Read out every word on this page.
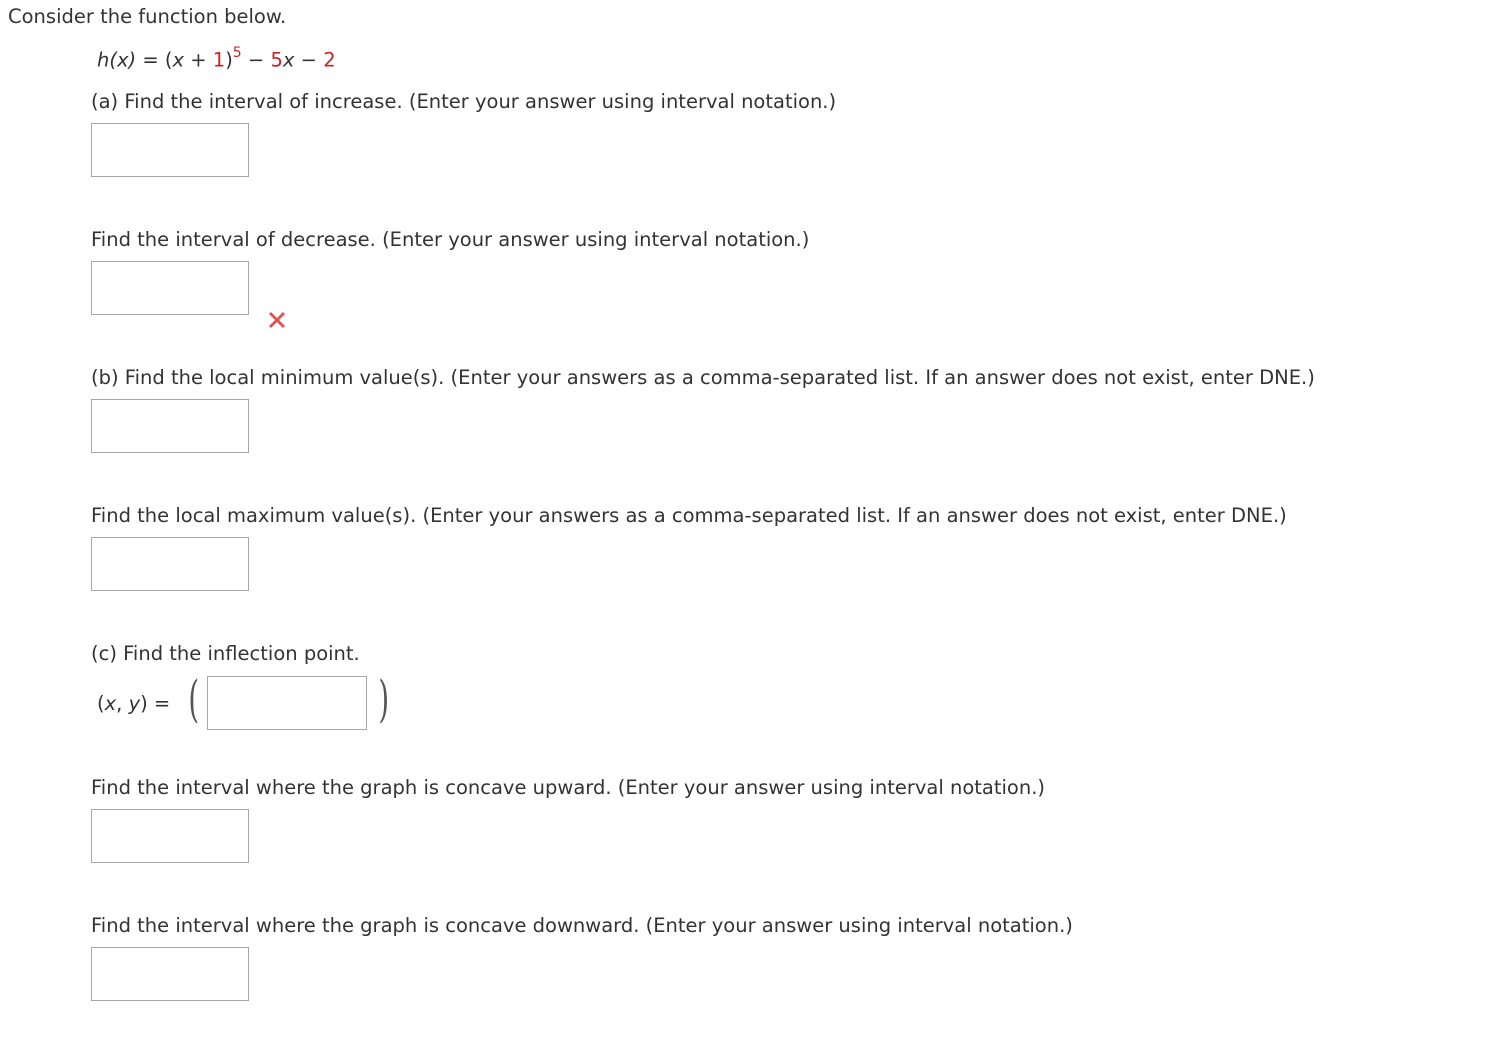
Consider the function below.
$h(x) = (x + 1)^5 - 5x - 2$
(a) Find the interval of increase. (Enter your answer using interval notation.)
Find the interval of decrease. (Enter your answer using interval notation.)
(b) Find the local minimum value(s). (Enter your answers as a comma-separated list. If an answer does not exist, enter DNE.)
Find the local maximum value(s). (Enter your answers as a comma-separated list. If an answer does not exist, enter DNE.)
(c) Find the inflection point.
(x, y) = (	)
Find the interval where the graph is concave upward. (Enter your answer using interval notation.)
Find the interval where the graph is concave downward. (Enter your answer using interval notation.)
